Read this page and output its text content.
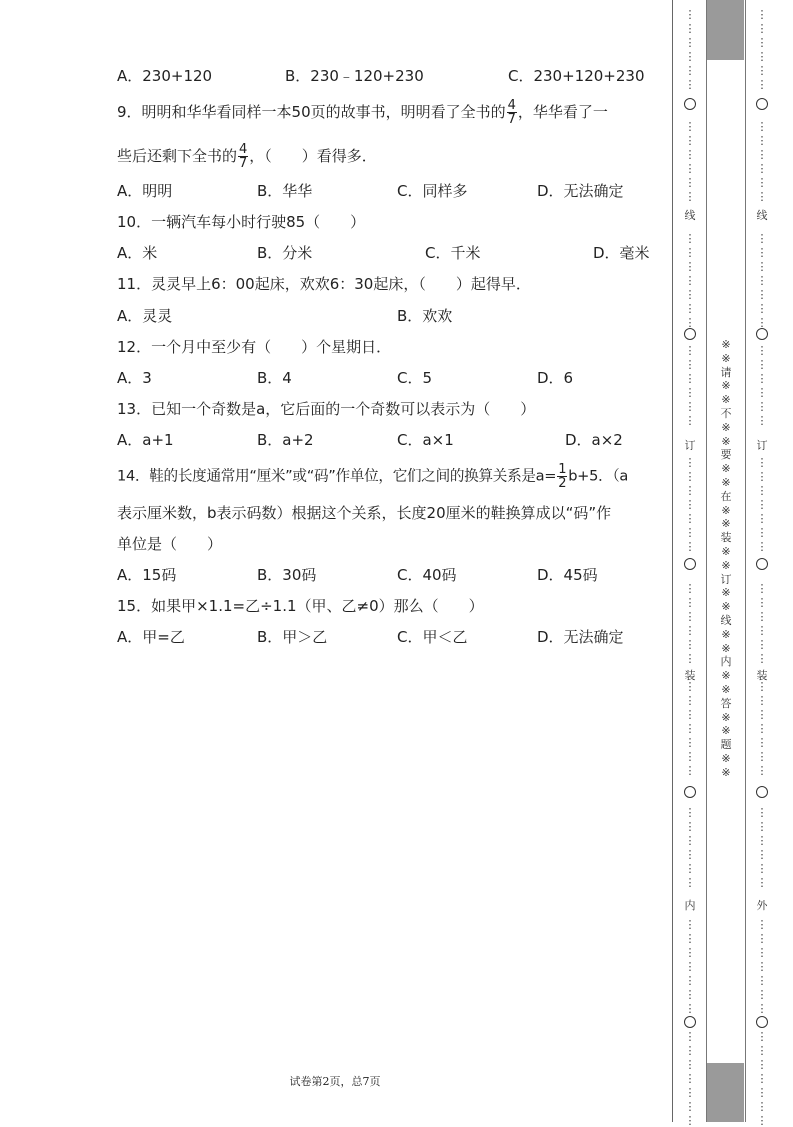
A．230+120	B．230﹣120+230	C．230+120+230
9．明明和华华看同样一本50页的故事书，明明看了全书的 $\frac{4}{7}$ ，华华看了一
些后还剩下全书的 $\frac{4}{7}$ ，（　　）看得多．
A．明明	B．华华	C．同样多	D．无法确定
10．一辆汽车每小时行驶85（　　）
A．米	B．分米	C．千米	D．毫米
11．灵灵早上6：00起床，欢欢6：30起床，（　　）起得早．
A．灵灵	B．欢欢
12．一个月中至少有（　　）个星期日．
A．3	B．4	C．5	D．6
13．已知一个奇数是a，它后面的一个奇数可以表示为（　　）
A．a+1	B．a+2	C．a×1	D．a×2
14．鞋的长度通常用“厘米”或“码”作单位，它们之间的换算关系是$a= \frac{1}{2} b+5$．（a
表示厘米数，b表示码数）根据这个关系，长度20厘米的鞋换算成以“码”作
单位是（　　）
A．15码	B．30码	C．40码	D．45码
15．如果甲×1.1=乙÷1.1（甲、乙≠0）那么（　　）
A．甲=乙	B．甲＞乙	C．甲＜乙	D．无法确定
试卷第2页，总7页
⋮
⋮
⋮
⋮
⋮
⋮
⋮
⋮
⋮
⋮
⋮
⋮
⋮
⋮
⋮
⋮
⋮
⋮
⋮
⋮
⋮
⋮
⋮
⋮
⋮
⋮
⋮
⋮
⋮
⋮
⋮
⋮
⋮
⋮
⋮
⋮
⋮
⋮
⋮
⋮
⋮
⋮
⋮
⋮
⋮
⋮
⋮
⋮
⋮
⋮
⋮
⋮
⋮
⋮
⋮
⋮
⋮
⋮
⋮
⋮
⋮
⋮
⋮
⋮
⋮
⋮
⋮
⋮
⋮
⋮
⋮
⋮
⋮
⋮
⋮
⋮
⋮
⋮
⋮
⋮
⋮
⋮
⋮
⋮
⋮
⋮
⋮
⋮
⋮
⋮
⋮
⋮
⋮
⋮
⋮
⋮
⋮
⋮
⋮
⋮
⋮
⋮
⋮
⋮
⋮
⋮
⋮
⋮
⋮
⋮
⋮
⋮
⋮
⋮
⋮
⋮
⋮
⋮
⋮
⋮
⋮
⋮
⋮
⋮
⋮
⋮
⋮
⋮
⋮
⋮
线
订
装
内
线
订
装
外
※※请※※不※※要※※在※※装※※订※※线※※内※※答※※题※※
